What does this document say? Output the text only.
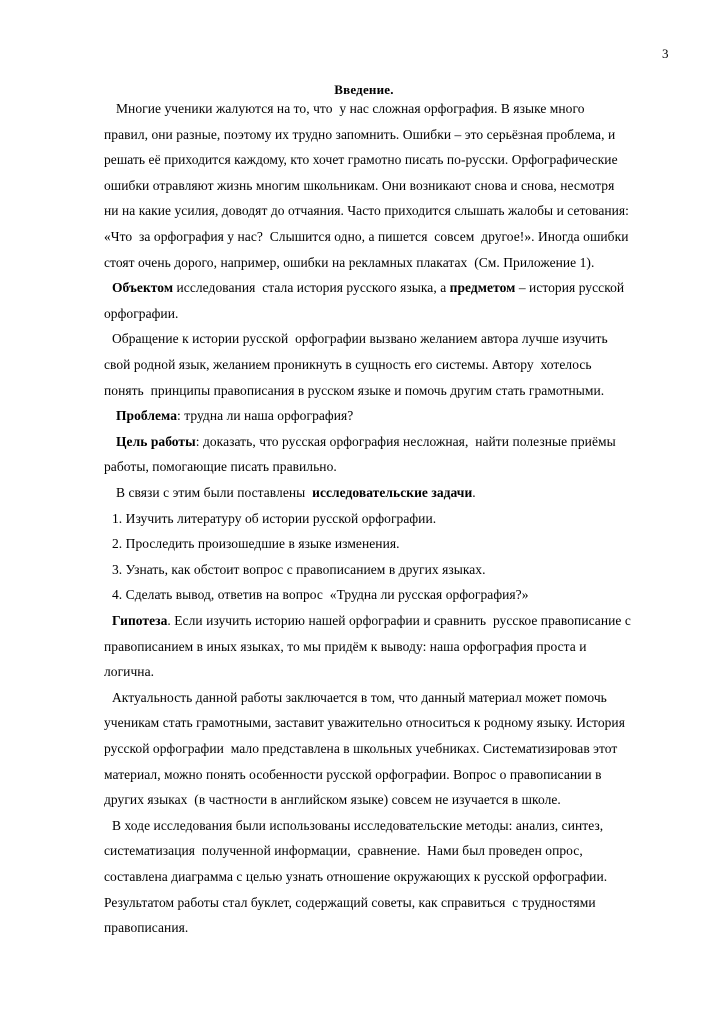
3
Введение.
Многие ученики жалуются на то, что  у нас сложная орфография. В языке много
правил, они разные, поэтому их трудно запомнить. Ошибки – это серьёзная проблема, и
решать её приходится каждому, кто хочет грамотно писать по-русски. Орфографические
ошибки отравляют жизнь многим школьникам. Они возникают снова и снова, несмотря
ни на какие усилия, доводят до отчаяния. Часто приходится слышать жалобы и сетования:
«Что  за орфография у нас?  Слышится одно, а пишется  совсем  другое!». Иногда ошибки
стоят очень дорого, например, ошибки на рекламных плакатах  (См. Приложение 1).
Объектом исследования  стала история русского языка, а предметом – история русской
орфографии.
Обращение к истории русской  орфографии вызвано желанием автора лучше изучить
свой родной язык, желанием проникнуть в сущность его системы. Автору  хотелось
понять  принципы правописания в русском языке и помочь другим стать грамотными.
Проблема: трудна ли наша орфография?
Цель работы: доказать, что русская орфография несложная,  найти полезные приёмы
работы, помогающие писать правильно.
В связи с этим были поставлены  исследовательские задачи.
1. Изучить литературу об истории русской орфографии.
2. Проследить произошедшие в языке изменения.
3. Узнать, как обстоит вопрос с правописанием в других языках.
4. Сделать вывод, ответив на вопрос  «Трудна ли русская орфография?»
Гипотеза. Если изучить историю нашей орфографии и сравнить  русское правописание с
правописанием в иных языках, то мы придём к выводу: наша орфография проста и
логична.
Актуальность данной работы заключается в том, что данный материал может помочь
ученикам стать грамотными, заставит уважительно относиться к родному языку. История
русской орфографии  мало представлена в школьных учебниках. Систематизировав этот
материал, можно понять особенности русской орфографии. Вопрос о правописании в
других языках  (в частности в английском языке) совсем не изучается в школе.
В ходе исследования были использованы исследовательские методы: анализ, синтез,
систематизация  полученной информации,  сравнение.  Нами был проведен опрос,
составлена диаграмма с целью узнать отношение окружающих к русской орфографии.
Результатом работы стал буклет, содержащий советы, как справиться  с трудностями
правописания.
